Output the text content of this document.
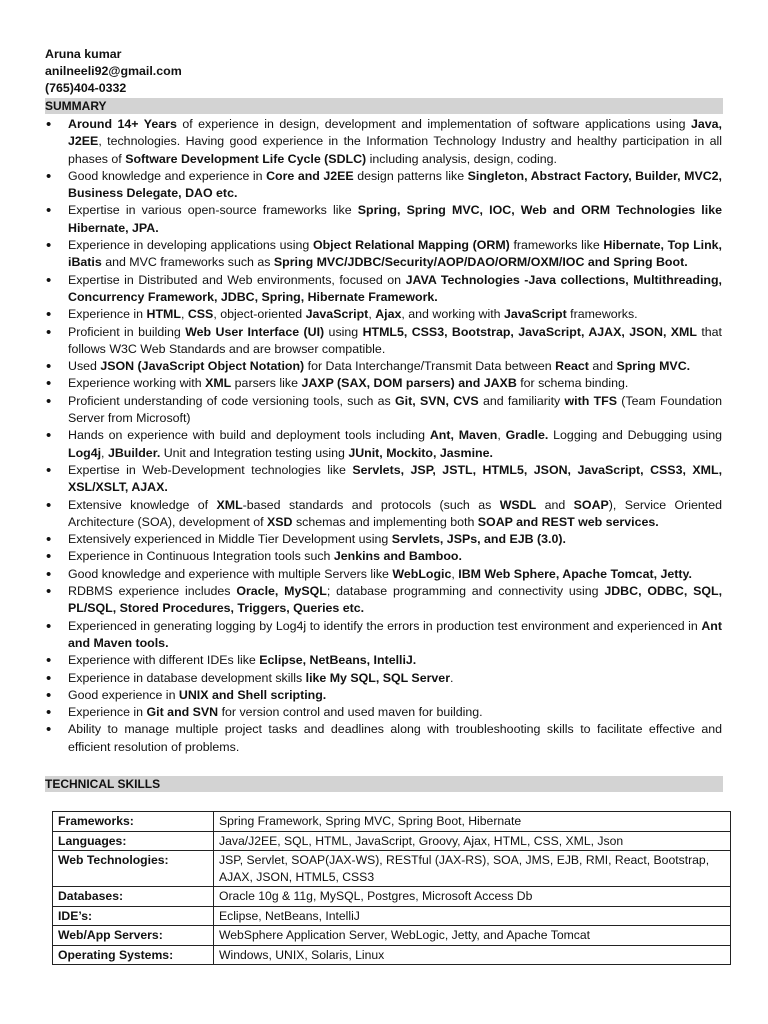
Aruna kumar
anilneeli92@gmail.com
(765)404-0332
SUMMARY
• Around 14+ Years of experience in design, development and implementation of software applications using Java, J2EE, technologies. Having good experience in the Information Technology Industry and healthy participation in all phases of Software Development Life Cycle (SDLC) including analysis, design, coding.
• Good knowledge and experience in Core and J2EE design patterns like Singleton, Abstract Factory, Builder, MVC2, Business Delegate, DAO etc.
• Expertise in various open-source frameworks like Spring, Spring MVC, IOC, Web and ORM Technologies like Hibernate, JPA.
• Experience in developing applications using Object Relational Mapping (ORM) frameworks like Hibernate, Top Link, iBatis and MVC frameworks such as Spring MVC/JDBC/Security/AOP/DAO/ORM/OXM/IOC and Spring Boot.
• Expertise in Distributed and Web environments, focused on JAVA Technologies -Java collections, Multithreading, Concurrency Framework, JDBC, Spring, Hibernate Framework.
• Experience in HTML, CSS, object-oriented JavaScript, Ajax, and working with JavaScript frameworks.
• Proficient in building Web User Interface (UI) using HTML5, CSS3, Bootstrap, JavaScript, AJAX, JSON, XML that follows W3C Web Standards and are browser compatible.
• Used JSON (JavaScript Object Notation) for Data Interchange/Transmit Data between React and Spring MVC.
• Experience working with XML parsers like JAXP (SAX, DOM parsers) and JAXB for schema binding.
• Proficient understanding of code versioning tools, such as Git, SVN, CVS and familiarity with TFS (Team Foundation Server from Microsoft)
• Hands on experience with build and deployment tools including Ant, Maven, Gradle. Logging and Debugging using Log4j, JBuilder. Unit and Integration testing using JUnit, Mockito, Jasmine.
• Expertise in Web-Development technologies like Servlets, JSP, JSTL, HTML5, JSON, JavaScript, CSS3, XML, XSL/XSLT, AJAX.
• Extensive knowledge of XML-based standards and protocols (such as WSDL and SOAP), Service Oriented Architecture (SOA), development of XSD schemas and implementing both SOAP and REST web services.
• Extensively experienced in Middle Tier Development using Servlets, JSPs, and EJB (3.0).
• Experience in Continuous Integration tools such Jenkins and Bamboo.
• Good knowledge and experience with multiple Servers like WebLogic, IBM Web Sphere, Apache Tomcat, Jetty.
• RDBMS experience includes Oracle, MySQL; database programming and connectivity using JDBC, ODBC, SQL, PL/SQL, Stored Procedures, Triggers, Queries etc.
• Experienced in generating logging by Log4j to identify the errors in production test environment and experienced in Ant and Maven tools.
• Experience with different IDEs like Eclipse, NetBeans, IntelliJ.
• Experience in database development skills like My SQL, SQL Server.
• Good experience in UNIX and Shell scripting.
• Experience in Git and SVN for version control and used maven for building.
• Ability to manage multiple project tasks and deadlines along with troubleshooting skills to facilitate effective and efficient resolution of problems.
TECHNICAL SKILLS
Frameworks:	Spring Framework, Spring MVC, Spring Boot, Hibernate
Languages:	Java/J2EE, SQL, HTML, JavaScript, Groovy, Ajax, HTML, CSS, XML, Json
Web Technologies:	JSP, Servlet, SOAP(JAX-WS), RESTful (JAX-RS), SOA, JMS, EJB, RMI, React, Bootstrap, AJAX, JSON, HTML5, CSS3
Databases:	Oracle 10g & 11g, MySQL, Postgres, Microsoft Access Db
IDE’s:	Eclipse, NetBeans, IntelliJ
Web/App Servers:	WebSphere Application Server, WebLogic, Jetty, and Apache Tomcat
Operating Systems:	Windows, UNIX, Solaris, Linux
